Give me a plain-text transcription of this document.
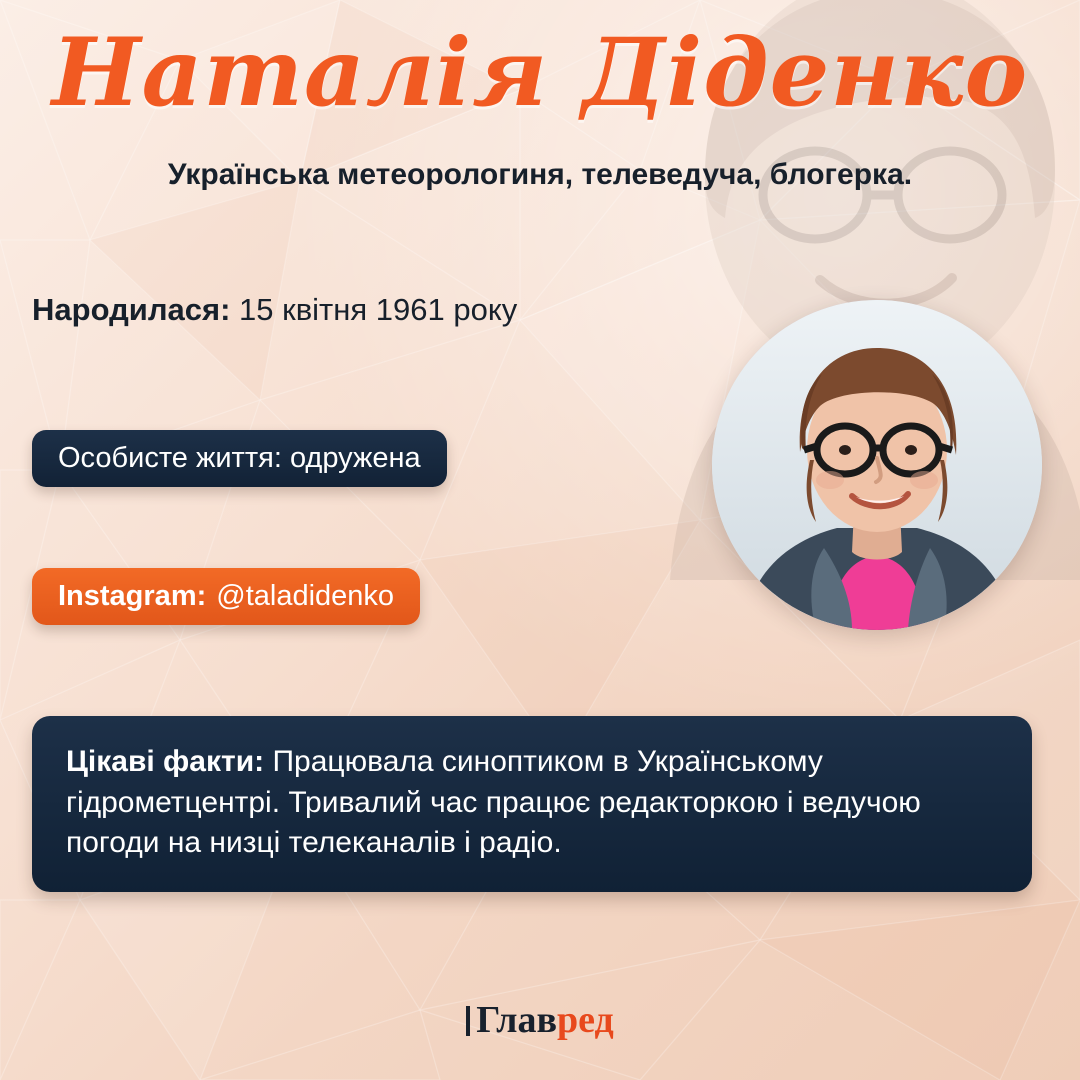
Наталія Діденко
Українська метеорологиня, телеведуча, блогерка.
Народилася: 15 квітня 1961 року
Особисте життя: одружена
Instagram: @taladidenko
Цікаві факти: Працювала синоптиком в Українському гідрометцентрі. Тривалий час працює редакторкою і ведучою погоди на низці телеканалів і радіо.
Главред
